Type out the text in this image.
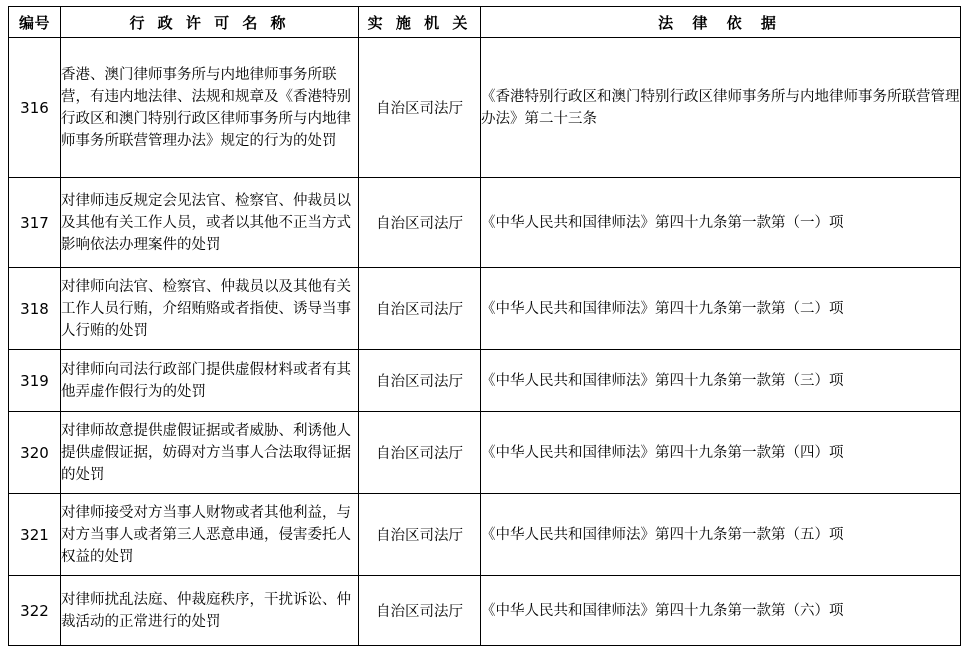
编号	行 政 许 可 名 称	实 施 机 关	法 律 依 据
316	香港、澳门律师事务所与内地律师事务所联营，有违内地法律、法规和规章及《香港特别行政区和澳门特别行政区律师事务所与内地律师事务所联营管理办法》规定的行为的处罚	自治区司法厅	《香港特别行政区和澳门特别行政区律师事务所与内地律师事务所联营管理办法》第二十三条
317	对律师违反规定会见法官、检察官、仲裁员以及其他有关工作人员，或者以其他不正当方式影响依法办理案件的处罚	自治区司法厅	《中华人民共和国律师法》第四十九条第一款第（一）项
318	对律师向法官、检察官、仲裁员以及其他有关工作人员行贿，介绍贿赂或者指使、诱导当事人行贿的处罚	自治区司法厅	《中华人民共和国律师法》第四十九条第一款第（二）项
319	对律师向司法行政部门提供虚假材料或者有其他弄虚作假行为的处罚	自治区司法厅	《中华人民共和国律师法》第四十九条第一款第（三）项
320	对律师故意提供虚假证据或者威胁、利诱他人提供虚假证据，妨碍对方当事人合法取得证据的处罚	自治区司法厅	《中华人民共和国律师法》第四十九条第一款第（四）项
321	对律师接受对方当事人财物或者其他利益，与对方当事人或者第三人恶意串通，侵害委托人权益的处罚	自治区司法厅	《中华人民共和国律师法》第四十九条第一款第（五）项
322	对律师扰乱法庭、仲裁庭秩序，干扰诉讼、仲裁活动的正常进行的处罚	自治区司法厅	《中华人民共和国律师法》第四十九条第一款第（六）项
